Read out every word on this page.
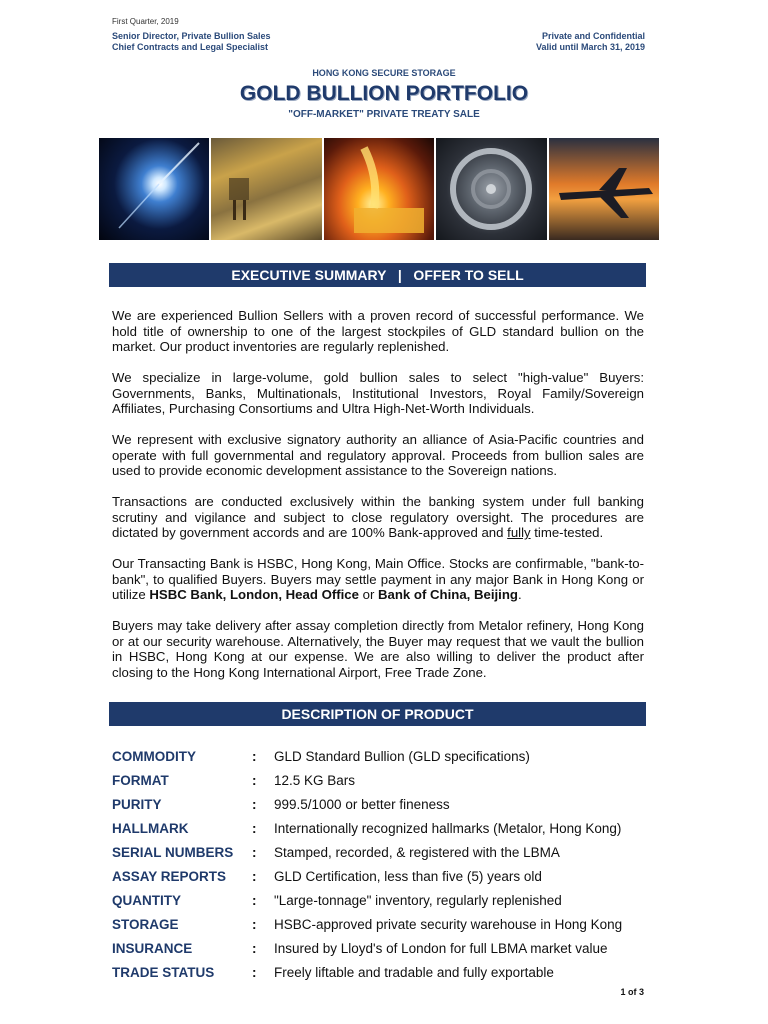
First Quarter, 2019
Senior Director, Private Bullion Sales
Chief Contracts and Legal Specialist
Private and Confidential
Valid until March 31, 2019
HONG KONG SECURE STORAGE
GOLD BULLION PORTFOLIO
"OFF-MARKET" PRIVATE TREATY SALE
EXECUTIVE SUMMARY   |   OFFER TO SELL

We are experienced Bullion Sellers with a proven record of successful performance. We hold title of ownership to one of the largest stockpiles of GLD standard bullion on the market. Our product inventories are regularly replenished.

We specialize in large-volume, gold bullion sales to select "high-value" Buyers: Governments, Banks, Multinationals, Institutional Investors, Royal Family/Sovereign Affiliates, Purchasing Consortiums and Ultra High-Net-Worth Individuals.

We represent with exclusive signatory authority an alliance of Asia-Pacific countries and operate with full governmental and regulatory approval. Proceeds from bullion sales are used to provide economic development assistance to the Sovereign nations.

Transactions are conducted exclusively within the banking system under full banking scrutiny and vigilance and subject to close regulatory oversight. The procedures are dictated by government accords and are 100% Bank-approved and fully time-tested.

Our Transacting Bank is HSBC, Hong Kong, Main Office. Stocks are confirmable, "bank-to-bank", to qualified Buyers. Buyers may settle payment in any major Bank in Hong Kong or utilize HSBC Bank, London, Head Office or Bank of China, Beijing.

Buyers may take delivery after assay completion directly from Metalor refinery, Hong Kong or at our security warehouse. Alternatively, the Buyer may request that we vault the bullion in HSBC, Hong Kong at our expense. We are also willing to deliver the product after closing to the Hong Kong International Airport, Free Trade Zone.

DESCRIPTION OF PRODUCT
COMMODITY	:	GLD Standard Bullion (GLD specifications)
FORMAT	:	12.5 KG Bars
PURITY	:	999.5/1000 or better fineness
HALLMARK	:	Internationally recognized hallmarks (Metalor, Hong Kong)
SERIAL NUMBERS	:	Stamped, recorded, & registered with the LBMA
ASSAY REPORTS	:	GLD Certification, less than five (5) years old
QUANTITY	:	"Large-tonnage" inventory, regularly replenished
STORAGE	:	HSBC-approved private security warehouse in Hong Kong
INSURANCE	:	Insured by Lloyd's of London for full LBMA market value
TRADE STATUS	:	Freely liftable and tradable and fully exportable
1 of 3
